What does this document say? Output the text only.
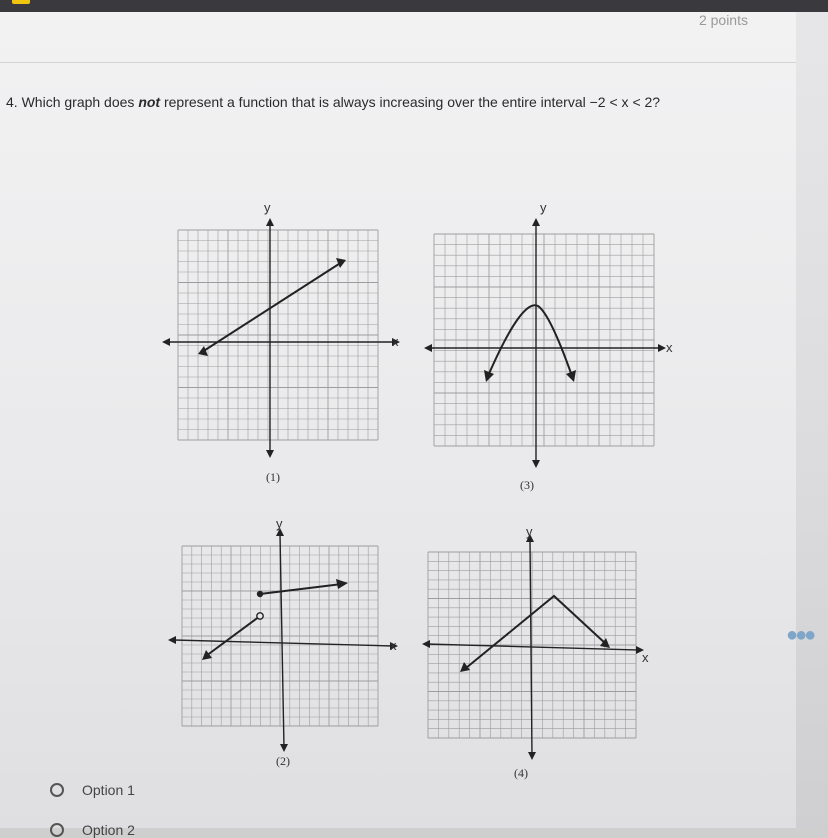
2 points
4. Which graph does not represent a function that is always increasing over the entire interval −2 < x < 2?
y
x
(1)
y
x
(3)
y
x
(2)
y
x
(4)
Option 1
Option 2
●●●
